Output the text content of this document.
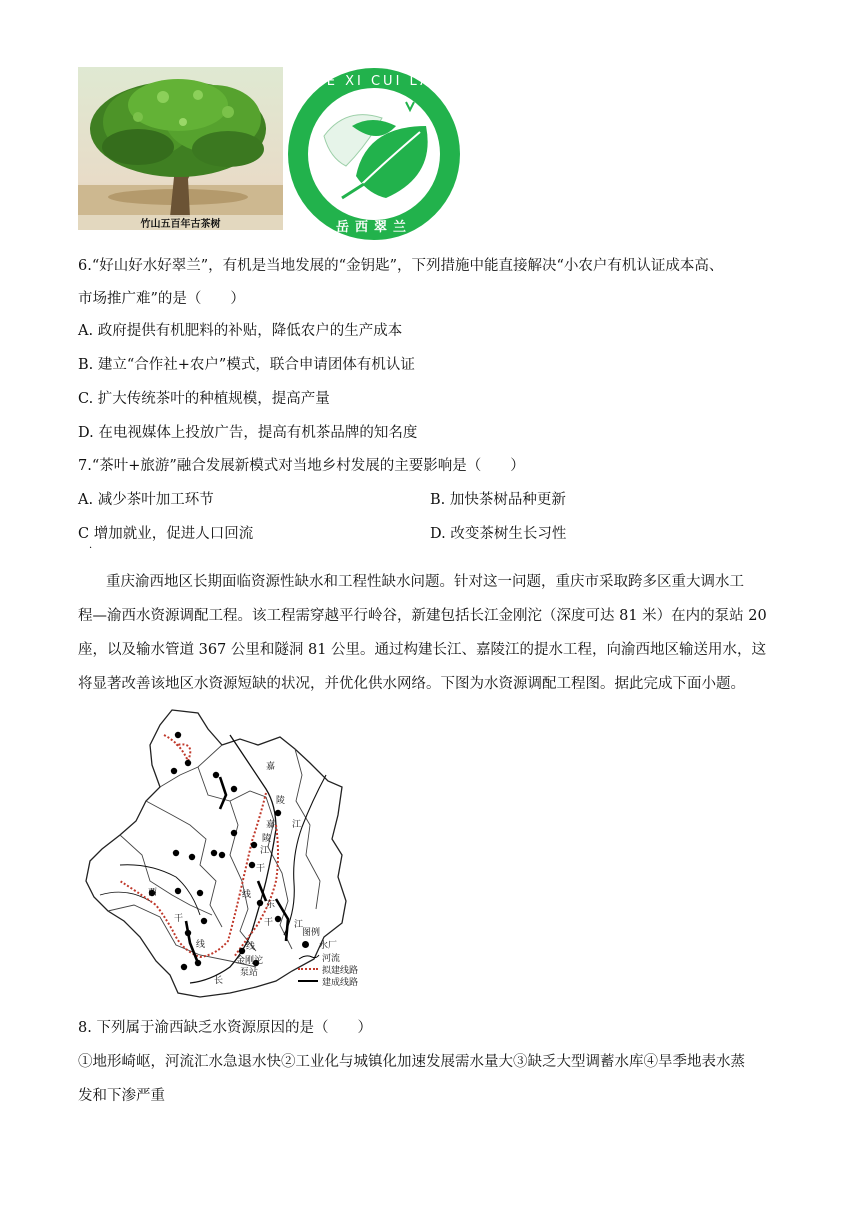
竹山五百年古茶树
YUE XI CUI LAN
岳西翠兰
6.“好山好水好翠兰”，有机是当地发展的“金钥匙”，下列措施中能直接解决“小农户有机认证成本高、
市场推广难”的是（　　）
A. 政府提供有机肥料的补贴，降低农户的生产成本
B. 建立“合作社+农户”模式，联合申请团体有机认证
C. 扩大传统茶叶的种植规模，提高产量
D. 在电视媒体上投放广告，提高有机茶品牌的知名度
7.“茶叶+旅游”融合发展新模式对当地乡村发展的主要影响是（　　）
A. 减少茶叶加工环节	B. 加快茶树品种更新
C 增加就业，促进人口回流	D. 改变茶树生长习性
·
重庆渝西地区长期面临资源性缺水和工程性缺水问题。针对这一问题，重庆市采取跨多区重大调水工
程—渝西水资源调配工程。该工程需穿越平行岭谷，新建包括长江金刚沱（深度可达 81 米）在内的泵站 20
座，以及输水管道 367 公里和隧洞 81 公里。通过构建长江、嘉陵江的提水工程，向渝西地区输送用水，这
将显著改善该地区水资源短缺的状况，并优化供水网络。下图为水资源调配工程图。据此完成下面小题。
嘉
陵
江
嘉
陵
江
西
干
线
干
线
东
干
线
长
江
金刚沱
泵站
图例
水厂
河流
拟建线路
建成线路
8. 下列属于渝西缺乏水资源原因的是（　　）
①地形崎岖，河流汇水急退水快②工业化与城镇化加速发展需水量大③缺乏大型调蓄水库④旱季地表水蒸
发和下渗严重
